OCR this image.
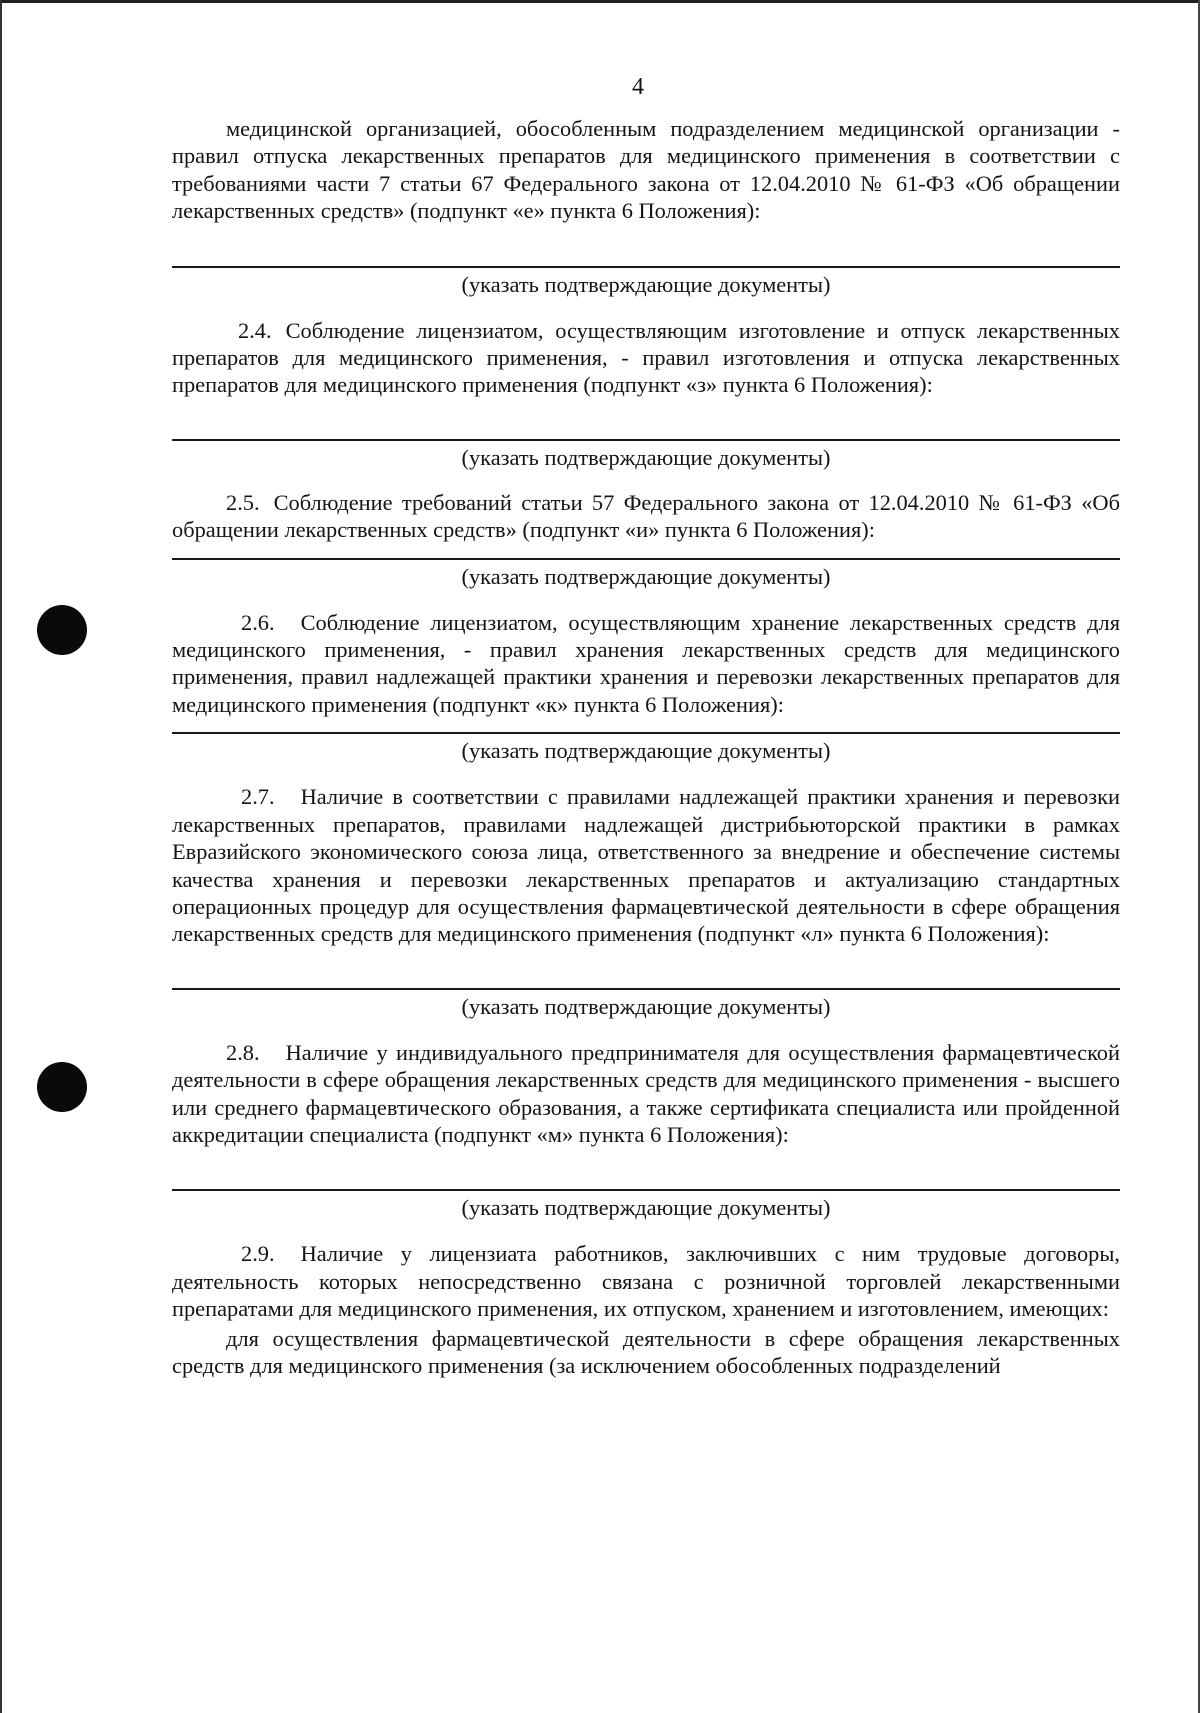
4

медицинской организацией, обособленным подразделением медицинской организации - правил отпуска лекарственных препаратов для медицинского применения в соответствии с требованиями части 7 статьи 67 Федерального закона от 12.04.2010 № 61-ФЗ «Об обращении лекарственных средств» (подпункт «е» пункта 6 Положения):

(указать подтверждающие документы)

2.4. Соблюдение лицензиатом, осуществляющим изготовление и отпуск лекарственных препаратов для медицинского применения, - правил изготовления и отпуска лекарственных препаратов для медицинского применения (подпункт «з» пункта 6 Положения):

(указать подтверждающие документы)

2.5. Соблюдение требований статьи 57 Федерального закона от 12.04.2010 № 61-ФЗ «Об обращении лекарственных средств» (подпункт «и» пункта 6 Положения):

(указать подтверждающие документы)

2.6. Соблюдение лицензиатом, осуществляющим хранение лекарственных средств для медицинского применения, - правил хранения лекарственных средств для медицинского применения, правил надлежащей практики хранения и перевозки лекарственных препаратов для медицинского применения (подпункт «к» пункта 6 Положения):

(указать подтверждающие документы)

2.7. Наличие в соответствии с правилами надлежащей практики хранения и перевозки лекарственных препаратов, правилами надлежащей дистрибьюторской практики в рамках Евразийского экономического союза лица, ответственного за внедрение и обеспечение системы качества хранения и перевозки лекарственных препаратов и актуализацию стандартных операционных процедур для осуществления фармацевтической деятельности в сфере обращения лекарственных средств для медицинского применения (подпункт «л» пункта 6 Положения):

(указать подтверждающие документы)

2.8. Наличие у индивидуального предпринимателя для осуществления фармацевтической деятельности в сфере обращения лекарственных средств для медицинского применения - высшего или среднего фармацевтического образования, а также сертификата специалиста или пройденной аккредитации специалиста (подпункт «м» пункта 6 Положения):

(указать подтверждающие документы)

2.9. Наличие у лицензиата работников, заключивших с ним трудовые договоры, деятельность которых непосредственно связана с розничной торговлей лекарственными препаратами для медицинского применения, их отпуском, хранением и изготовлением, имеющих:

для осуществления фармацевтической деятельности в сфере обращения лекарственных средств для медицинского применения (за исключением обособленных подразделений
